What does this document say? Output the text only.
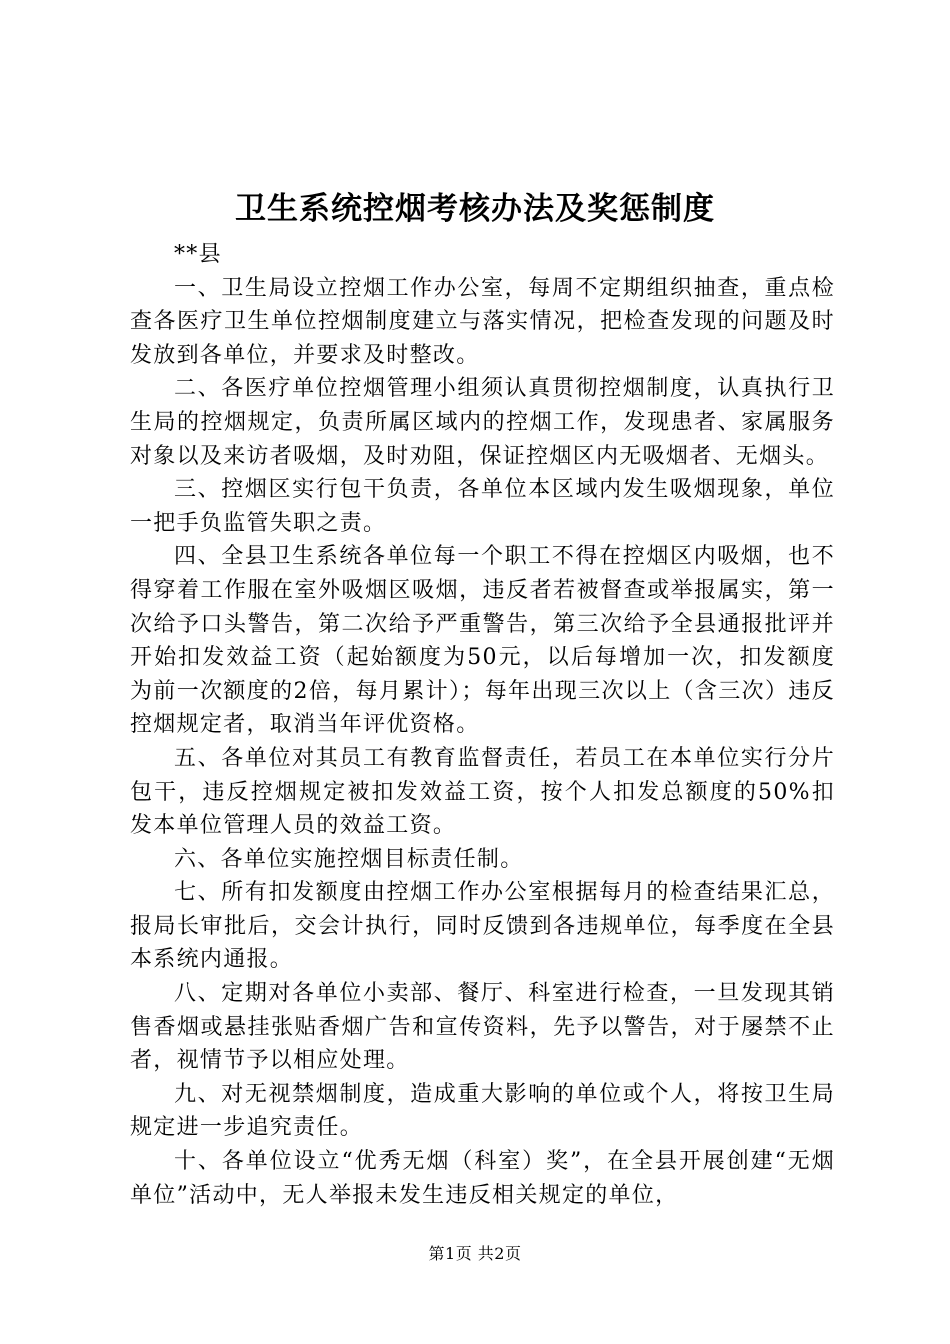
卫生系统控烟考核办法及奖惩制度

**县

一、卫生局设立控烟工作办公室，每周不定期组织抽查，重点检查各医疗卫生单位控烟制度建立与落实情况，把检查发现的问题及时发放到各单位，并要求及时整改。

二、各医疗单位控烟管理小组须认真贯彻控烟制度，认真执行卫生局的控烟规定，负责所属区域内的控烟工作，发现患者、家属服务对象以及来访者吸烟，及时劝阻，保证控烟区内无吸烟者、无烟头。

三、控烟区实行包干负责，各单位本区域内发生吸烟现象，单位一把手负监管失职之责。

四、全县卫生系统各单位每一个职工不得在控烟区内吸烟，也不得穿着工作服在室外吸烟区吸烟，违反者若被督查或举报属实，第一次给予口头警告，第二次给予严重警告，第三次给予全县通报批评并开始扣发效益工资（起始额度为50元，以后每增加一次，扣发额度为前一次额度的2倍，每月累计）；每年出现三次以上（含三次）违反控烟规定者，取消当年评优资格。

五、各单位对其员工有教育监督责任，若员工在本单位实行分片包干，违反控烟规定被扣发效益工资，按个人扣发总额度的50%扣发本单位管理人员的效益工资。

六、各单位实施控烟目标责任制。

七、所有扣发额度由控烟工作办公室根据每月的检查结果汇总，报局长审批后，交会计执行，同时反馈到各违规单位，每季度在全县本系统内通报。

八、定期对各单位小卖部、餐厅、科室进行检查，一旦发现其销售香烟或悬挂张贴香烟广告和宣传资料，先予以警告，对于屡禁不止者，视情节予以相应处理。

九、对无视禁烟制度，造成重大影响的单位或个人，将按卫生局规定进一步追究责任。

十、各单位设立“优秀无烟（科室）奖”，在全县开展创建“无烟单位”活动中，无人举报未发生违反相关规定的单位，

第1页 共2页
